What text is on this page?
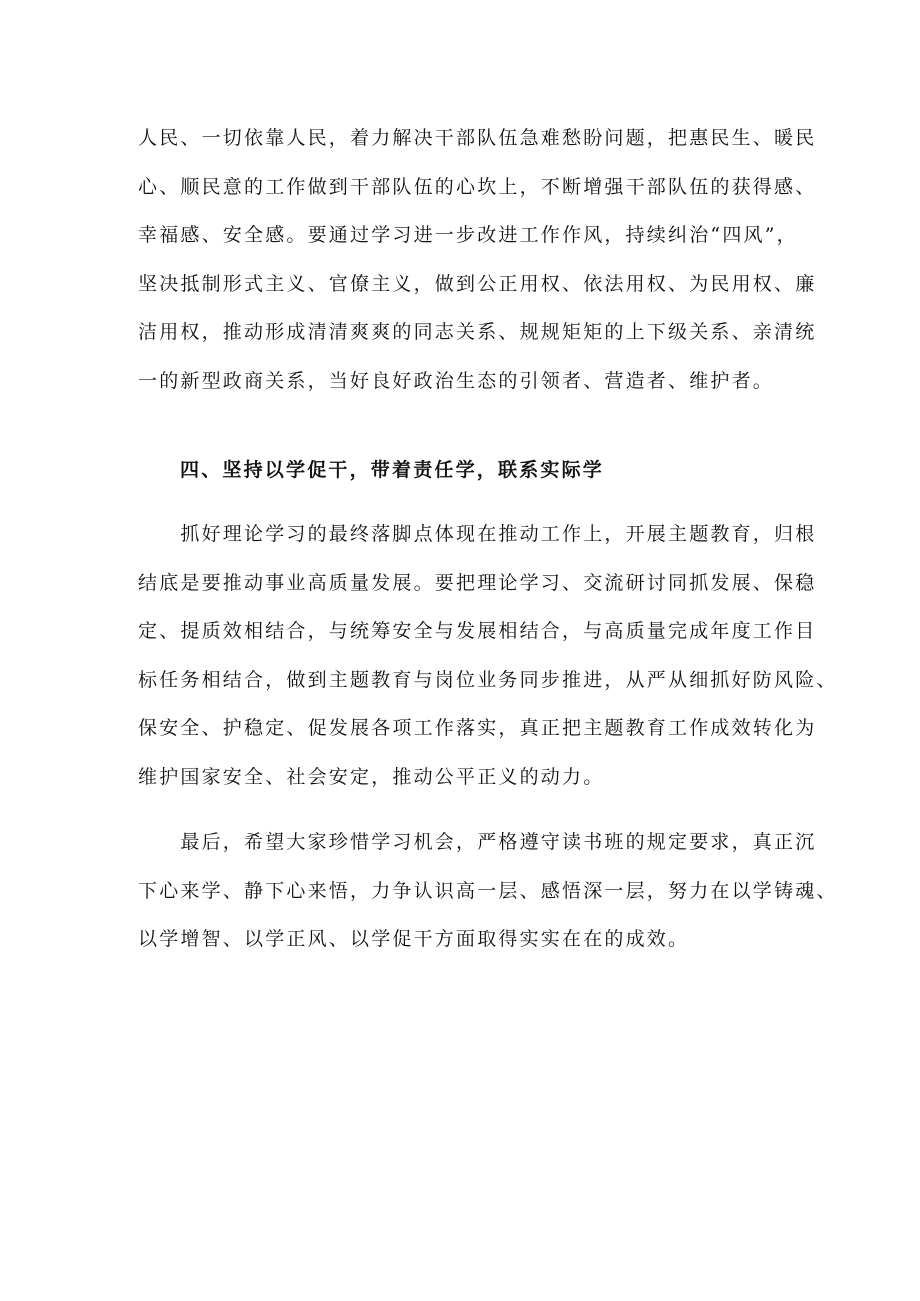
人民、一切依靠人民，着力解决干部队伍急难愁盼问题，把惠民生、暖民
心、顺民意的工作做到干部队伍的心坎上，不断增强干部队伍的获得感、
幸福感、安全感。要通过学习进一步改进工作作风，持续纠治“四风”，
坚决抵制形式主义、官僚主义，做到公正用权、依法用权、为民用权、廉
洁用权，推动形成清清爽爽的同志关系、规规矩矩的上下级关系、亲清统
一的新型政商关系，当好良好政治生态的引领者、营造者、维护者。
四、坚持以学促干，带着责任学，联系实际学
　　抓好理论学习的最终落脚点体现在推动工作上，开展主题教育，归根
结底是要推动事业高质量发展。要把理论学习、交流研讨同抓发展、保稳
定、提质效相结合，与统筹安全与发展相结合，与高质量完成年度工作目
标任务相结合，做到主题教育与岗位业务同步推进，从严从细抓好防风险、
保安全、护稳定、促发展各项工作落实，真正把主题教育工作成效转化为
维护国家安全、社会安定，推动公平正义的动力。
　　最后，希望大家珍惜学习机会，严格遵守读书班的规定要求，真正沉
下心来学、静下心来悟，力争认识高一层、感悟深一层，努力在以学铸魂、
以学增智、以学正风、以学促干方面取得实实在在的成效。
